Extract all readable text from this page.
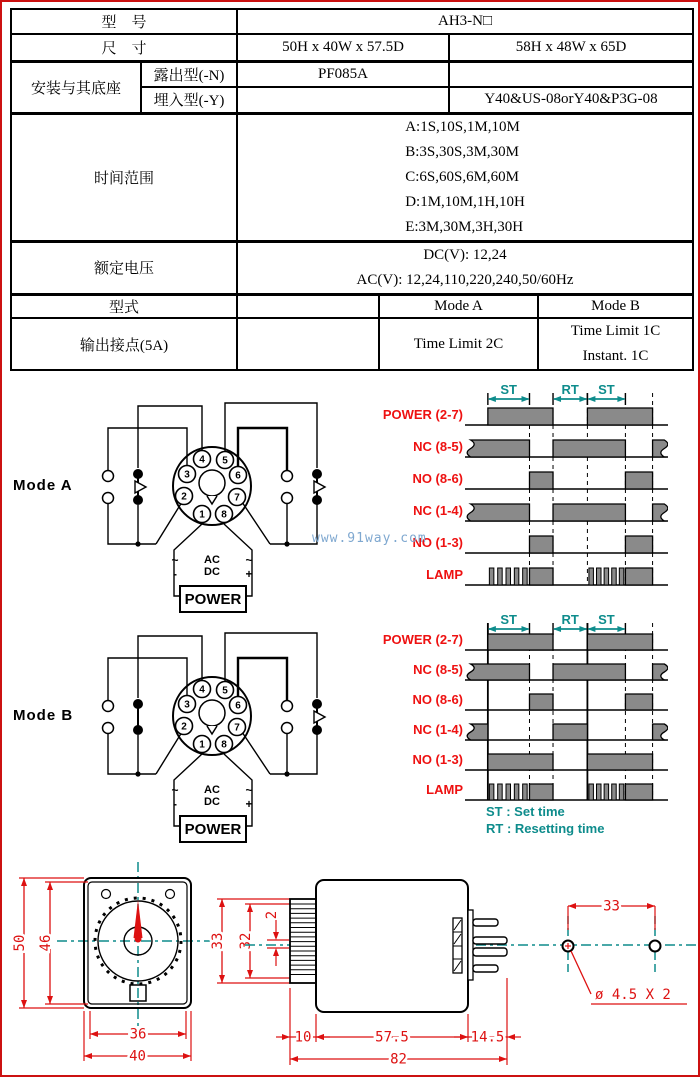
型　号		AH3-N□			
尺　寸		50H x 40W x 57.5D		58H x 48W x 65D	
安装与其底座	露出型(-N)	PF085A			
	埋入型(-Y)			Y40&US-08orY40&P3G-08	
时间范围		A:1S,10S,1M,10M
B:3S,30S,3M,30M
C:6S,60S,6M,60M
D:1M,10M,1H,10H
E:3M,30M,3H,30H			

额定电压		DC(V): 12,24
AC(V): 12,24,110,220,240,50/60Hz			

型式			Mode A		Mode B
输出接点(5A)			Time Limit 2C		Time Limit 1C
Instant. 1C
Mode A
4 5
3	6
2	7
1 8
POWER
AC
DC
~
-
~
+
ST	RT ST
POWER (2-7)
NC (8-5)
NO (8-6)
NC (1-4)
NO (1-3)
LAMP
www.91way.com
Mode B
4 5
3	6
2	7
1 8
POWER
AC
DC
~
-
~
+
ST	RT ST
POWER (2-7)
NC (8-5)
NO (8-6)
NC (1-4)
NO (1-3)
LAMP
ST : Set time
RT : Resetting time
50 46
36
40
33 32
2
10	57.5	14.5
82
33
ø 4.5 X 2
